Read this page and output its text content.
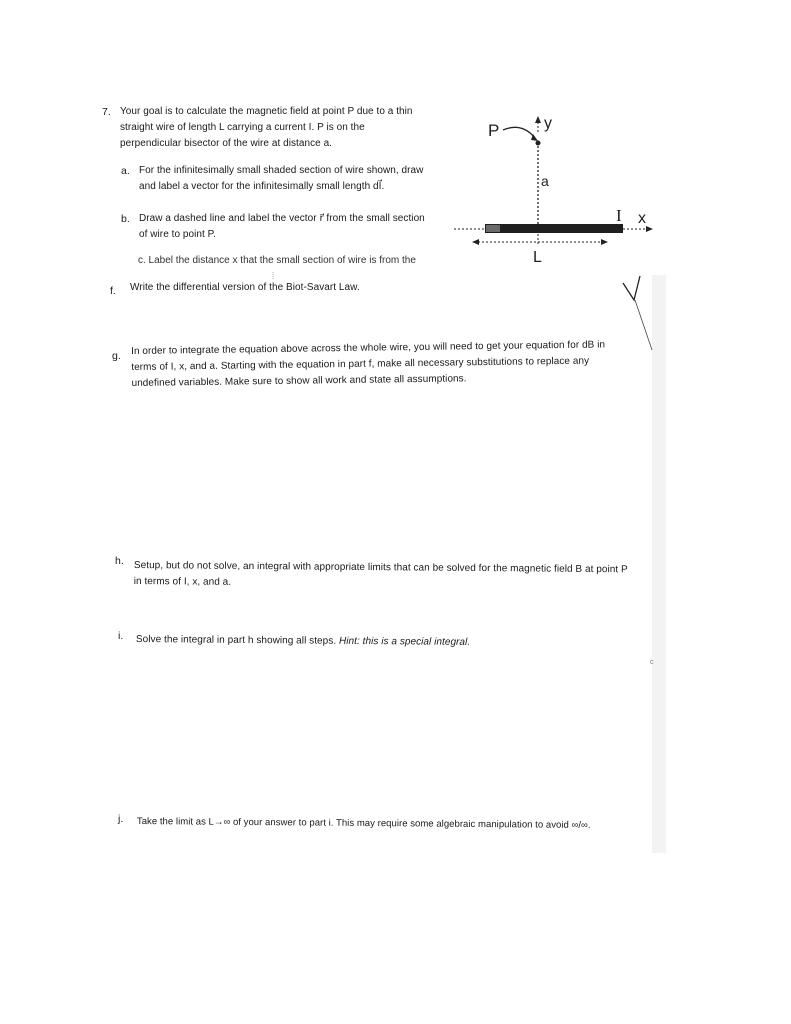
7. Your goal is to calculate the magnetic field at point P due to a thin
straight wire of length L carrying a current I. P is on the
perpendicular bisector of the wire at distance a.
a. For the infinitesimally small shaded section of wire shown, draw
and label a vector for the infinitesimally small length dl⃗.
b. Draw a dashed line and label the vector r⃗ from the small section
of wire to point P.
c. Label the distance x that the small section of wire is from the
f. Write the differential version of the Biot-Savart Law.
g. In order to integrate the equation above across the whole wire, you will need to get your equation for dB in
terms of I, x, and a. Starting with the equation in part f, make all necessary substitutions to replace any
undefined variables. Make sure to show all work and state all assumptions.
h. Setup, but do not solve, an integral with appropriate limits that can be solved for the magnetic field B at point P
in terms of I, x, and a.
i. Solve the integral in part h showing all steps. Hint: this is a special integral.
j. Take the limit as L→∞ of your answer to part i. This may require some algebraic manipulation to avoid ∞/∞.
c
P	y
a
I x
L
